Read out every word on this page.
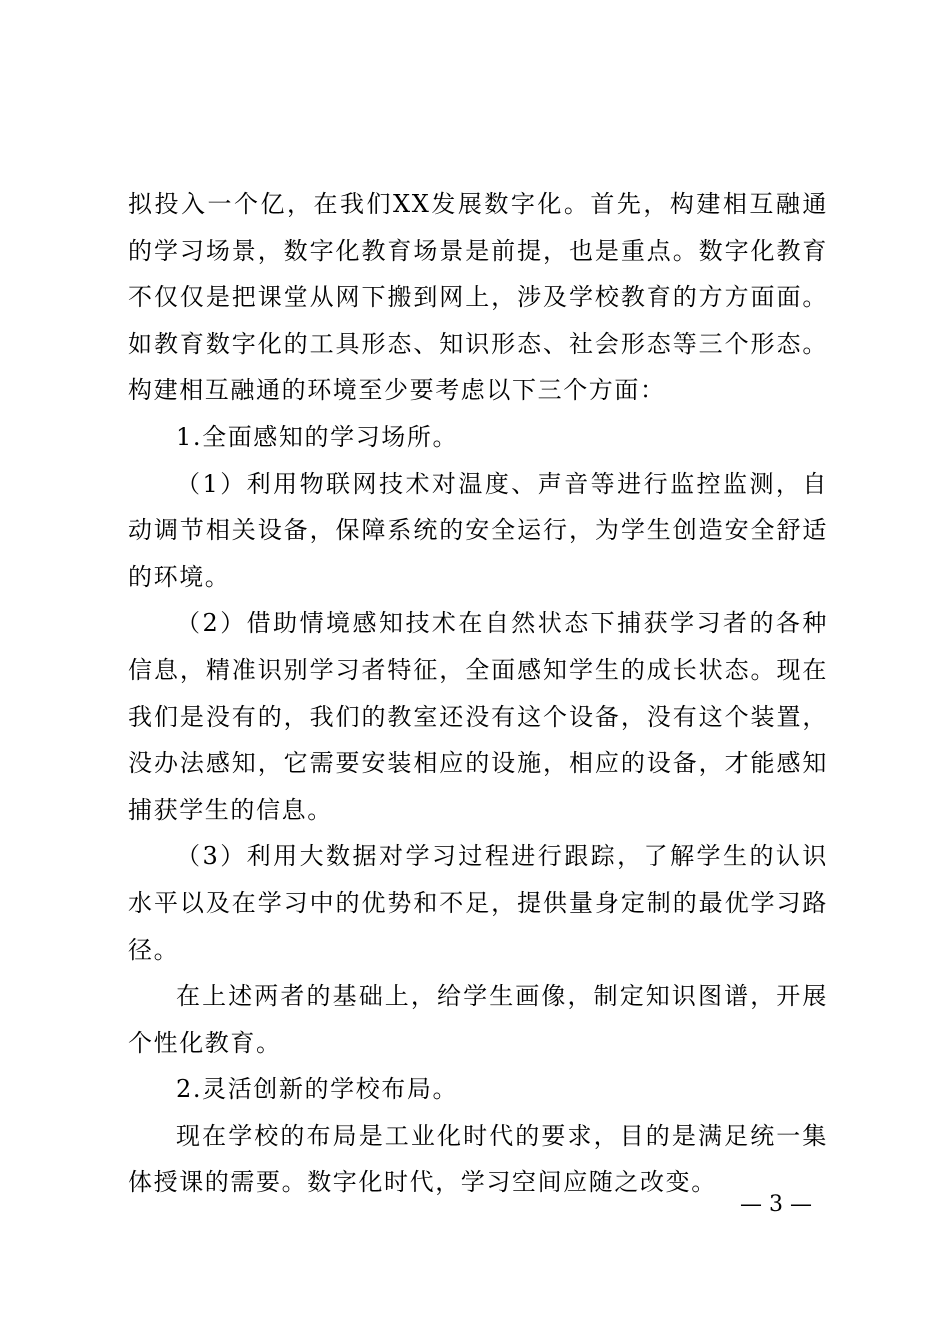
拟投入一个亿，在我们XX发展数字化。首先，构建相互融通的学习场景，数字化教育场景是前提，也是重点。数字化教育不仅仅是把课堂从网下搬到网上，涉及学校教育的方方面面。如教育数字化的工具形态、知识形态、社会形态等三个形态。构建相互融通的环境至少要考虑以下三个方面：

1.全面感知的学习场所。

（1）利用物联网技术对温度、声音等进行监控监测，自动调节相关设备，保障系统的安全运行，为学生创造安全舒适的环境。

（2）借助情境感知技术在自然状态下捕获学习者的各种信息，精准识别学习者特征，全面感知学生的成长状态。现在我们是没有的，我们的教室还没有这个设备，没有这个装置，没办法感知，它需要安装相应的设施，相应的设备，才能感知捕获学生的信息。

（3）利用大数据对学习过程进行跟踪，了解学生的认识水平以及在学习中的优势和不足，提供量身定制的最优学习路径。

在上述两者的基础上，给学生画像，制定知识图谱，开展个性化教育。

2.灵活创新的学校布局。

现在学校的布局是工业化时代的要求，目的是满足统一集体授课的需要。数字化时代，学习空间应随之改变。

— 3 —
